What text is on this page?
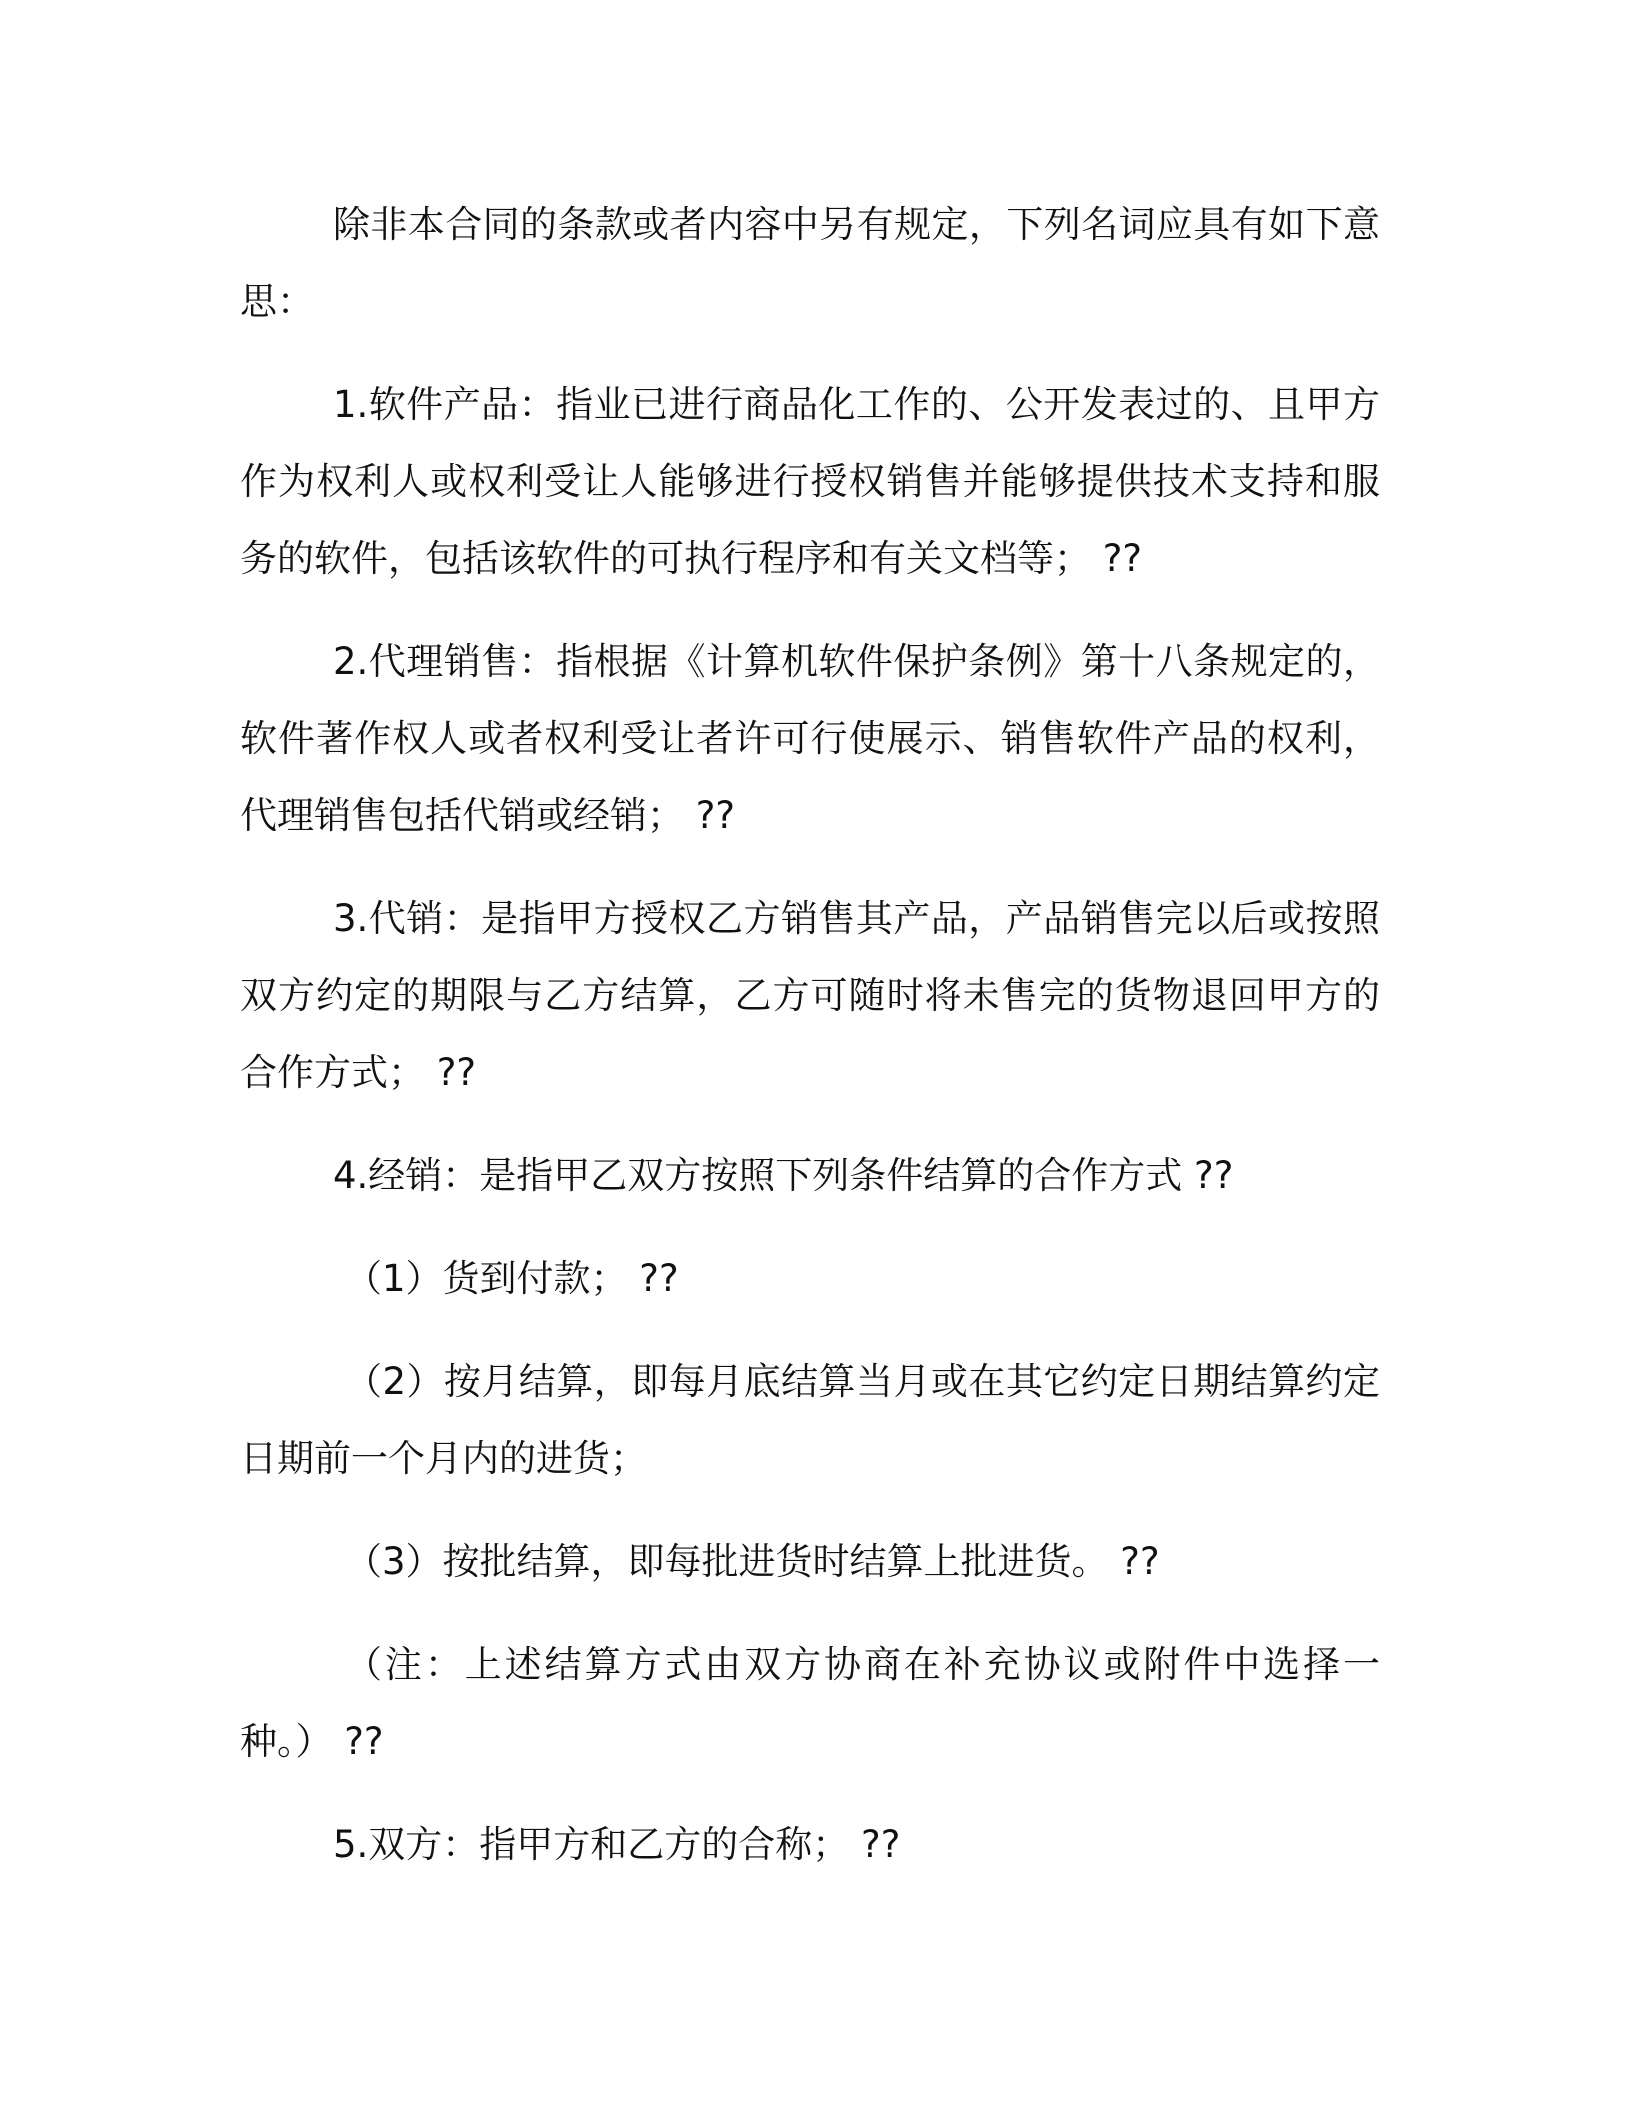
除非本合同的条款或者内容中另有规定，下列名词应具有如下意思：

1.软件产品：指业已进行商品化工作的、公开发表过的、且甲方作为权利人或权利受让人能够进行授权销售并能够提供技术支持和服务的软件，包括该软件的可执行程序和有关文档等； ??

2.代理销售：指根据《计算机软件保护条例》第十八条规定的，软件著作权人或者权利受让者许可行使展示、销售软件产品的权利，代理销售包括代销或经销； ??

3.代销：是指甲方授权乙方销售其产品，产品销售完以后或按照双方约定的期限与乙方结算，乙方可随时将未售完的货物退回甲方的合作方式； ??

4.经销：是指甲乙双方按照下列条件结算的合作方式 ??

（1）货到付款； ??

（2）按月结算，即每月底结算当月或在其它约定日期结算约定日期前一个月内的进货；

（3）按批结算，即每批进货时结算上批进货。 ??

（注：上述结算方式由双方协商在补充协议或附件中选择一种。） ??

5.双方：指甲方和乙方的合称； ??
